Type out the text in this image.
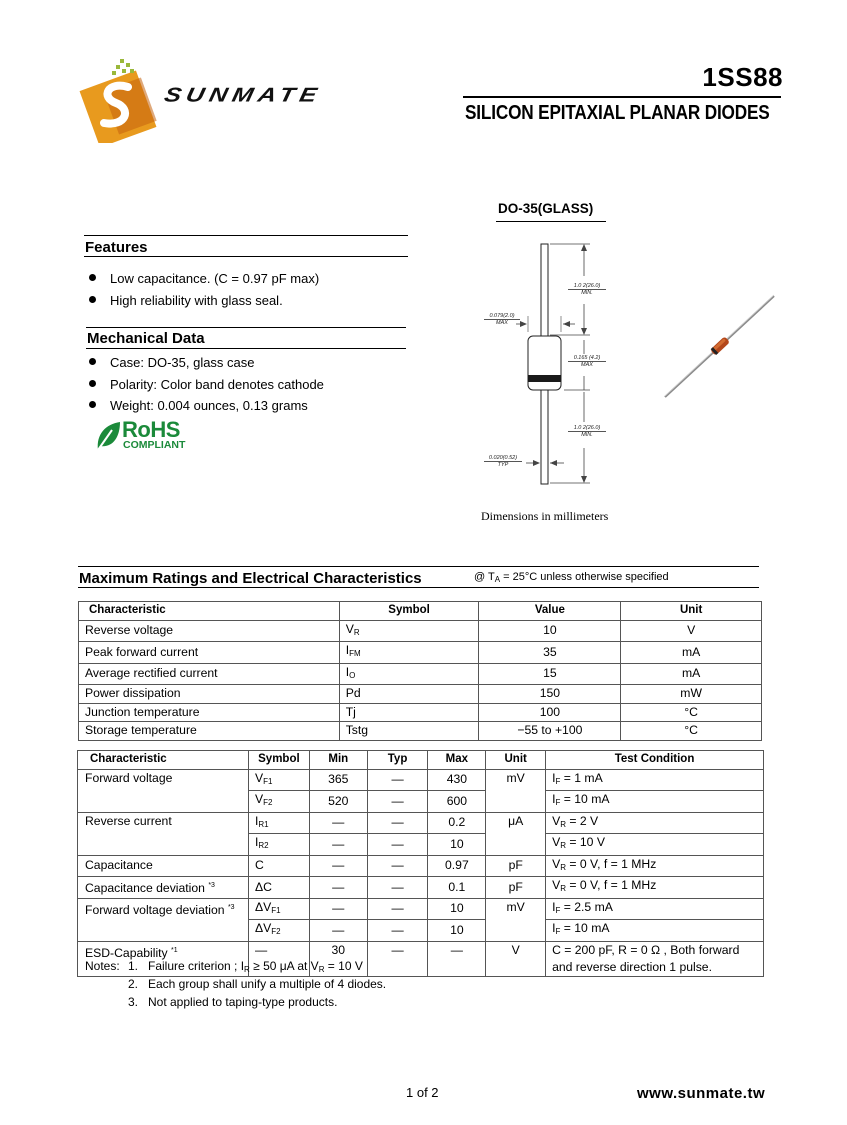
SUNMATE
1SS88
SILICON EPITAXIAL PLANAR DIODES
Features
Low capacitance. (C = 0.97 pF max)
High reliability with glass seal.
Mechanical Data
Case: DO-35, glass case
Polarity: Color band denotes cathode
Weight: 0.004 ounces, 0.13 grams
RoHS
COMPLIANT
DO-35(GLASS)
1.0 2(26.0)
MIN.
0.079(2.0)
MAX
0.165 (4.2)
MAX
1.0 2(26.0)
MIN.
0.020(0.52)
TYP
Dimensions in millimeters
Maximum Ratings and Electrical Characteristics	@ $T_A = 25^\circ C$ unless otherwise specified
Characteristic	Symbol	Value	Unit
Reverse voltage	$V_R$	10	V
Peak forward current	$I_{FM}$	35	mA
Average rectified current	$I_O$	15	mA
Power dissipation	Pd	150	mW
Junction temperature	Tj	100	°C
Storage temperature	Tstg	−55 to +100	°C
Characteristic	Symbol	Min	Typ	Max	Unit	Test Condition
Forward voltage	$V_{F1}$	365	—	430	mV	$I_F = 1$ mA
	$V_{F2}$	520	—	600		$I_F = 10$ mA
Reverse current	$I_{R1}$	—	—	0.2	μA	$V_R = 2$ V
	$I_{R2}$	—	—	10		$V_R = 10$ V
Capacitance	C	—	—	0.97	pF	$V_R = 0$ V, f = 1 MHz
Capacitance deviation $^{*3}$	ΔC	—	—	0.1	pF	$V_R = 0$ V, f = 1 MHz
Forward voltage deviation $^{*3}$	$\Delta V_{F1}$	—	—	10	mV	$I_F = 2.5$ mA
	$\Delta V_{F2}$	—	—	10		$I_F = 10$ mA
ESD-Capability $^{*1}$	—	30	—	—	V	C = 200 pF, R = 0 Ω , Both forward
and reverse direction 1 pulse.
Notes: 1. Failure criterion ; $I_R \ge 50$ μA at $V_R = 10$ V
2. Each group shall unify a multiple of 4 diodes.
3. Not applied to taping-type products.
1 of 2	www.sunmate.tw
